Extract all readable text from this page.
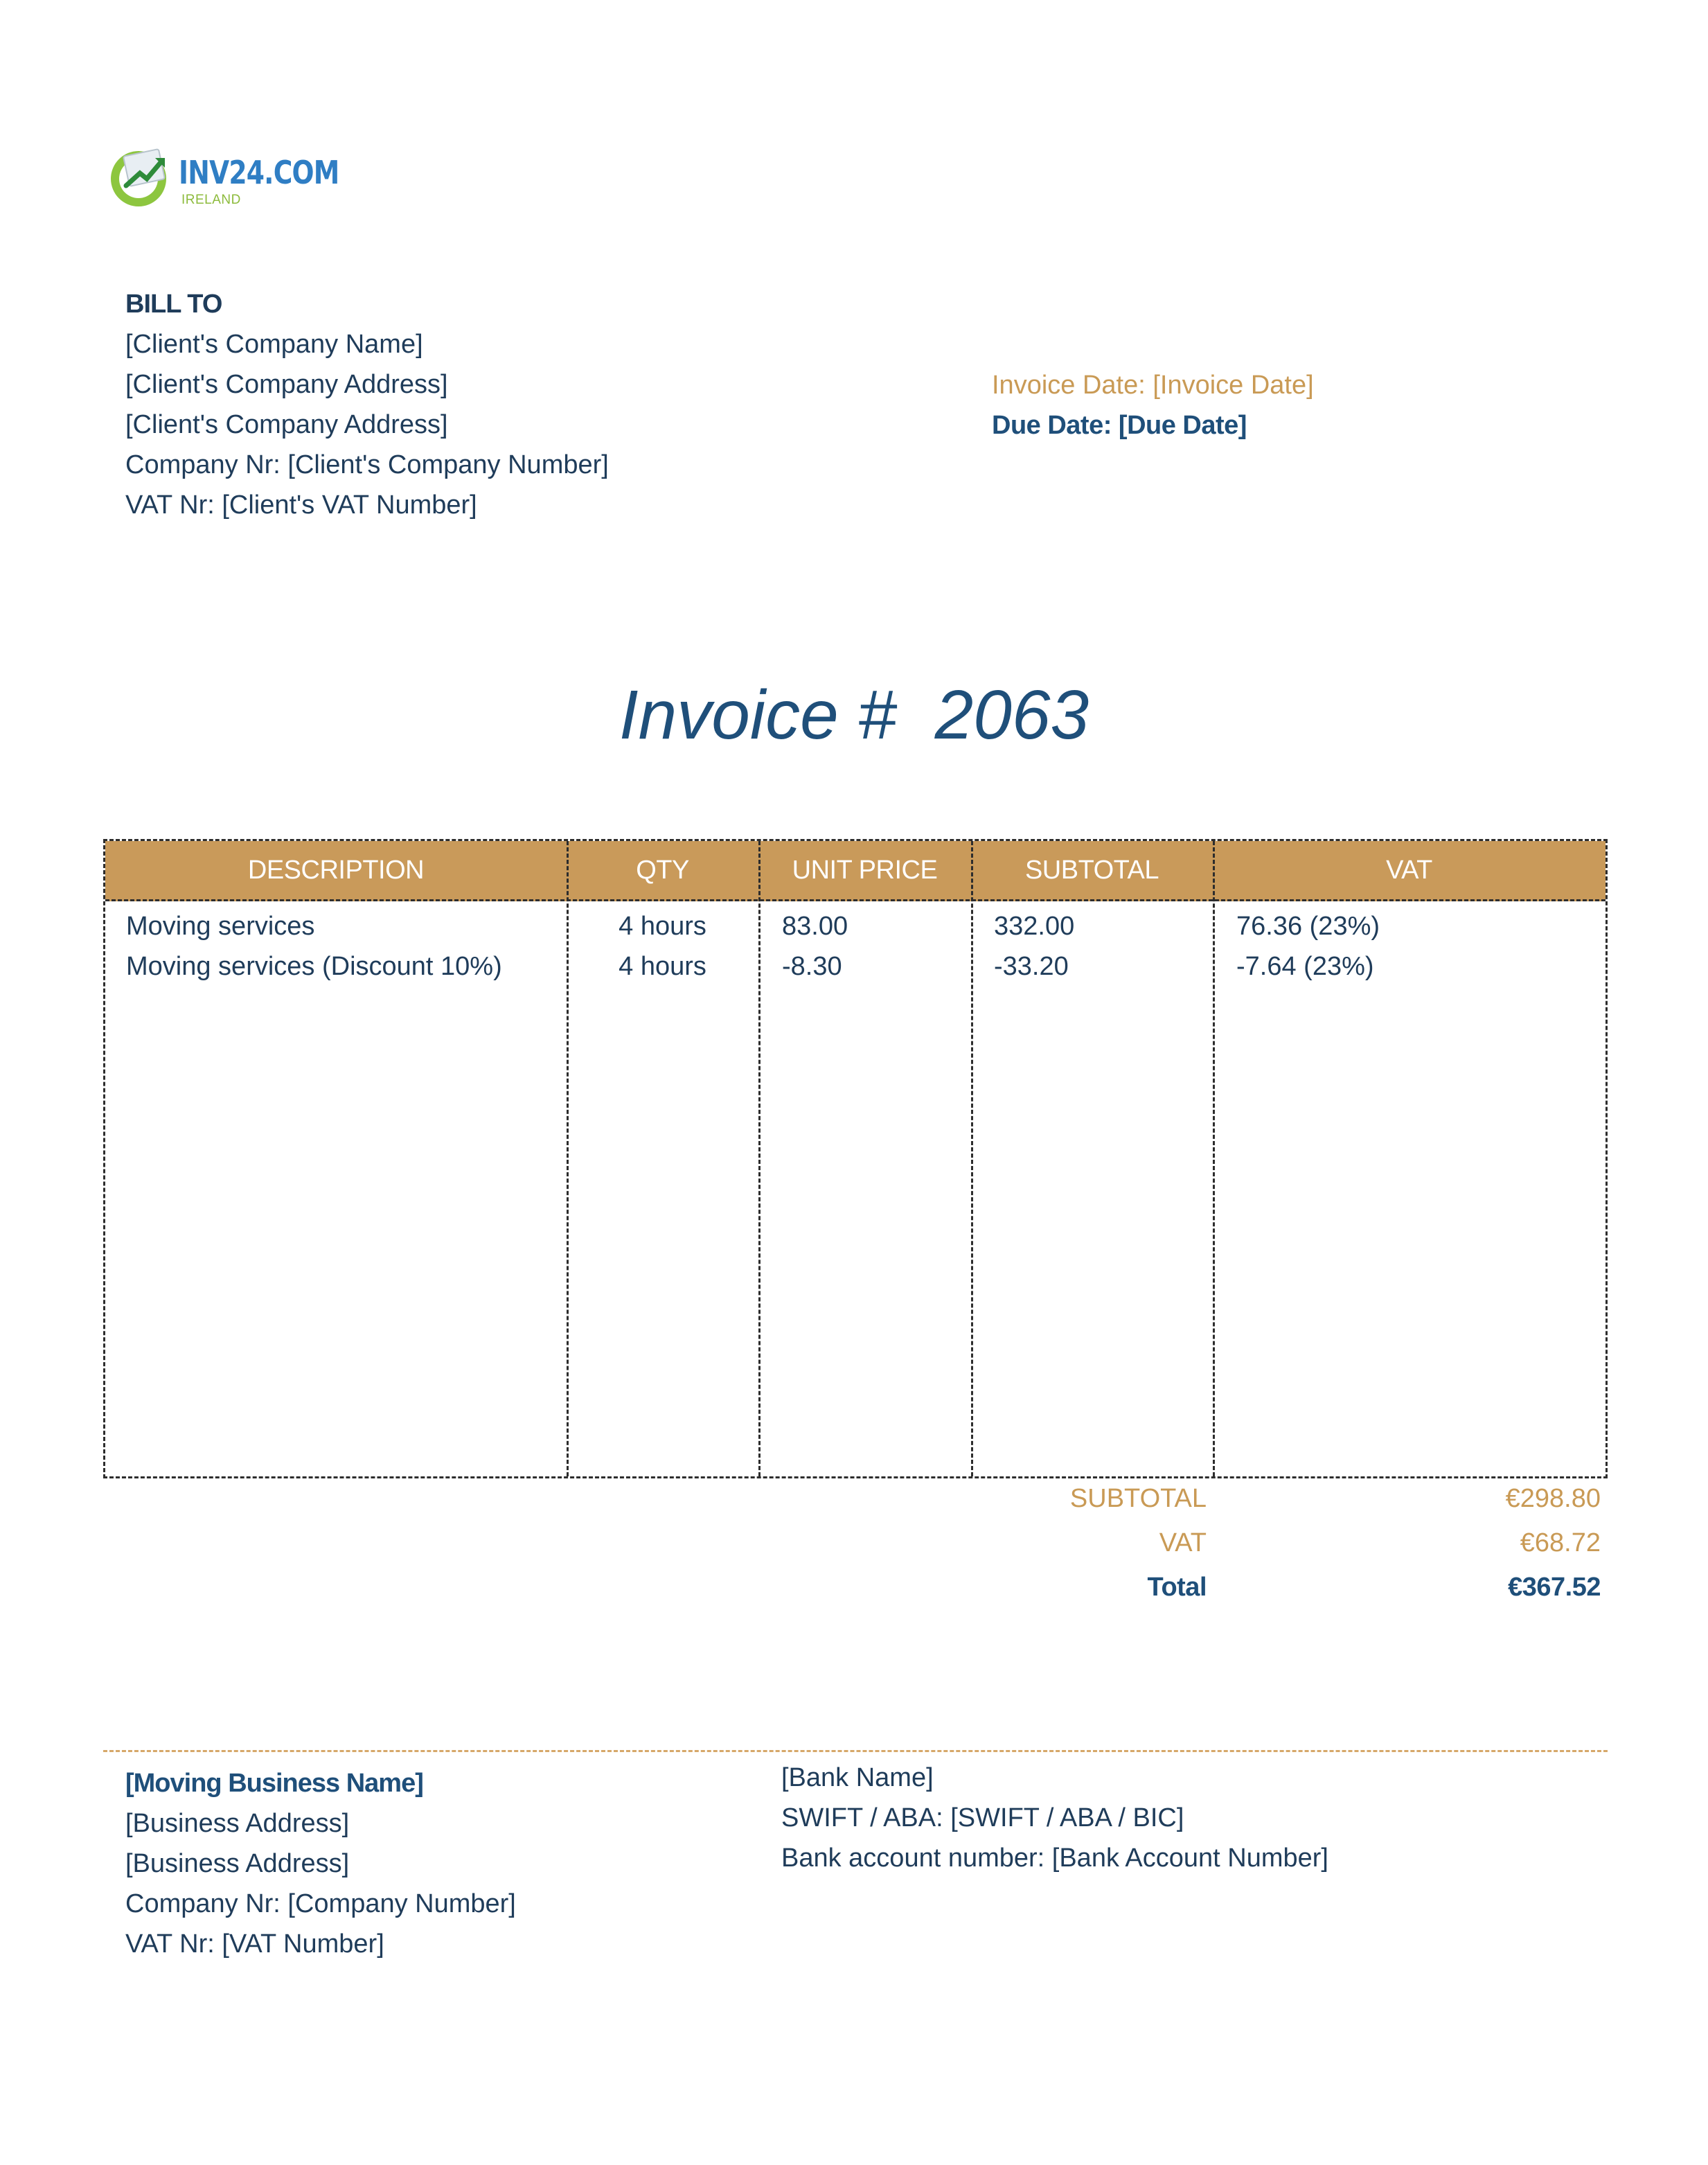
INV24.COM
IRELAND
BILL TO
[Client's Company Name]
[Client's Company Address]
[Client's Company Address]
Company Nr: [Client's Company Number]
VAT Nr: [Client's VAT Number]
Invoice Date: [Invoice Date]
Due Date: [Due Date]
Invoice #  2063
DESCRIPTION	QTY	UNIT PRICE	SUBTOTAL	VAT
Moving services	4 hours	83.00	332.00	76.36 (23%)
Moving services (Discount 10%)	4 hours	-8.30	-33.20	-7.64 (23%)
SUBTOTAL	€298.80
VAT	€68.72
Total	€367.52
[Moving Business Name]
[Business Address]
[Business Address]
Company Nr: [Company Number]
VAT Nr: [VAT Number]
[Bank Name]
SWIFT / ABA: [SWIFT / ABA / BIC]
Bank account number: [Bank Account Number]
